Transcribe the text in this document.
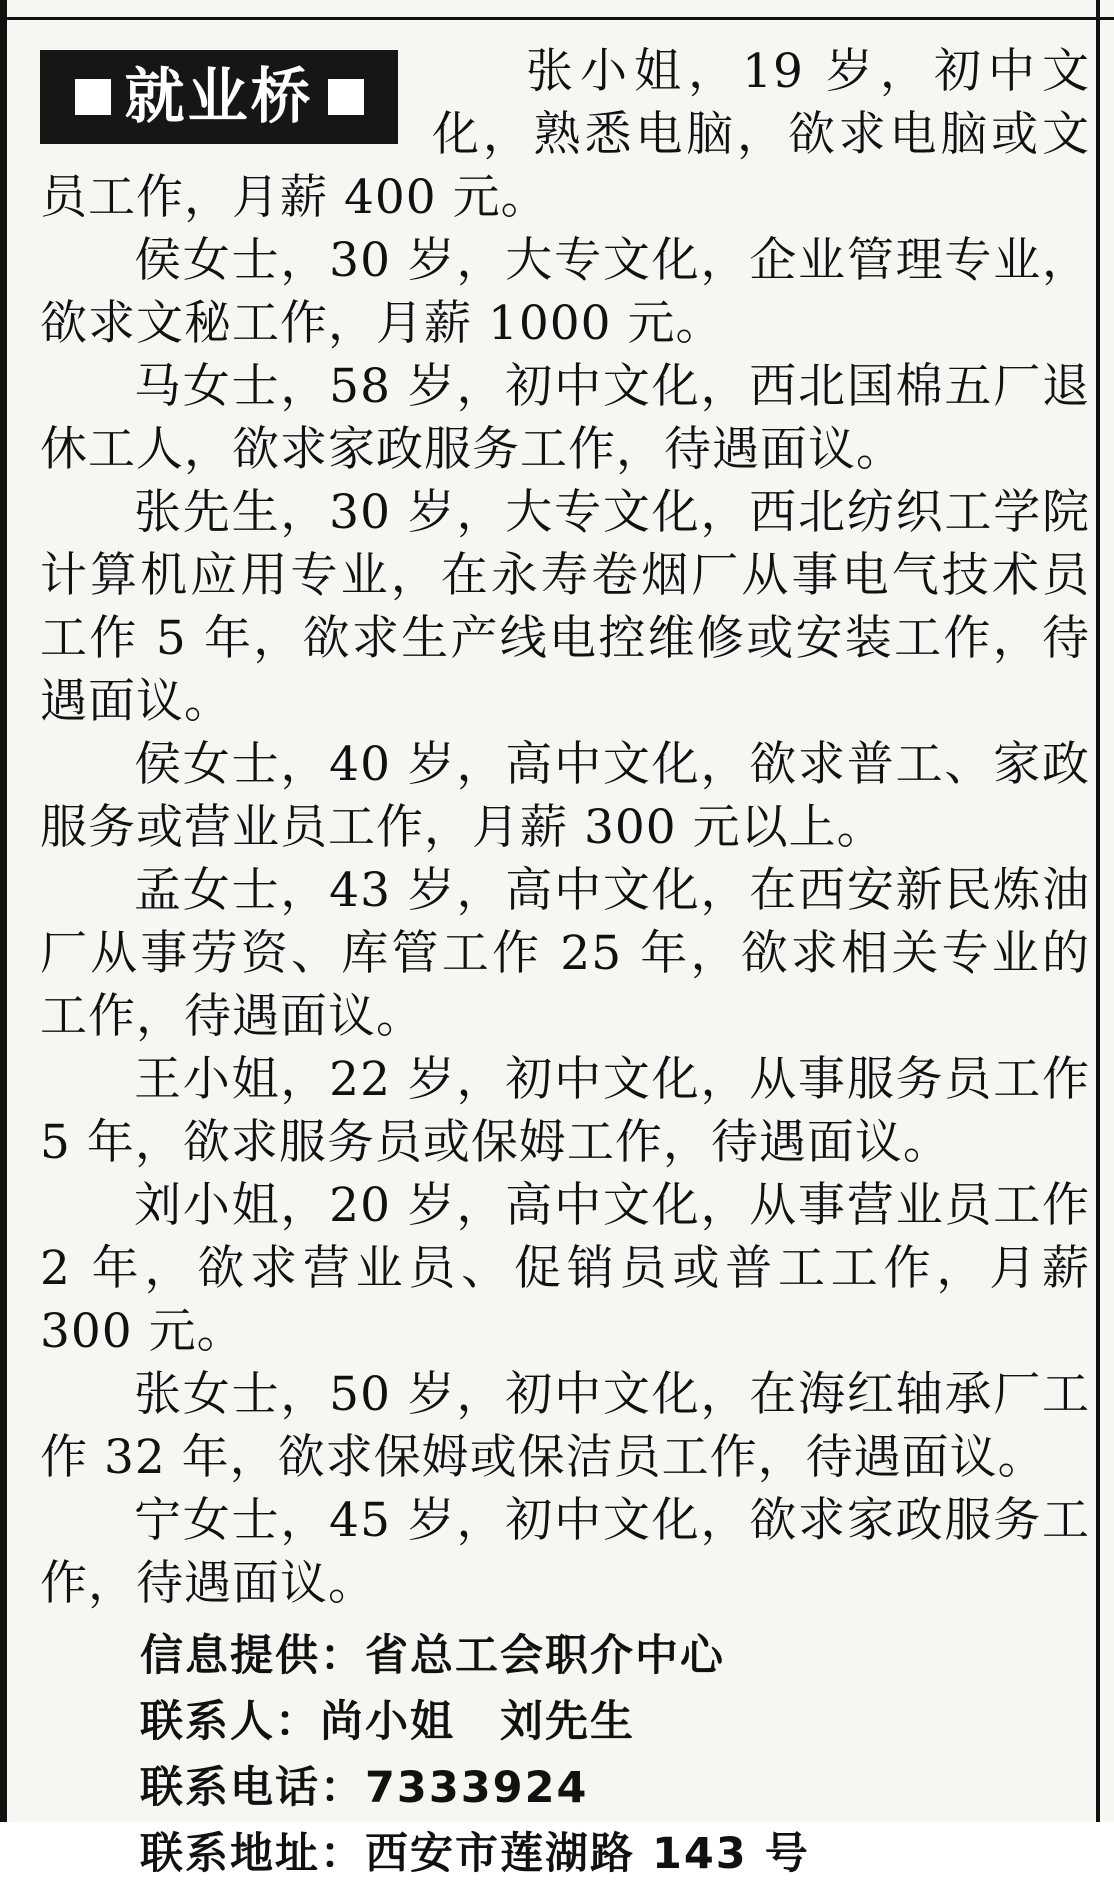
就业桥	张小姐，19 岁，初中文化，熟悉电脑，欲求电脑或文员工作，月薪 400 元。

侯女士，30 岁，大专文化，企业管理专业，欲求文秘工作，月薪 1000 元。

马女士，58 岁，初中文化，西北国棉五厂退休工人，欲求家政服务工作，待遇面议。

张先生，30 岁，大专文化，西北纺织工学院计算机应用专业，在永寿卷烟厂从事电气技术员工作 5 年，欲求生产线电控维修或安装工作，待遇面议。

侯女士，40 岁，高中文化，欲求普工、家政服务或营业员工作，月薪 300 元以上。

孟女士，43 岁，高中文化，在西安新民炼油厂从事劳资、库管工作 25 年，欲求相关专业的工作，待遇面议。

王小姐，22 岁，初中文化，从事服务员工作 5 年，欲求服务员或保姆工作，待遇面议。

刘小姐，20 岁，高中文化，从事营业员工作 2 年，欲求营业员、促销员或普工工作，月薪 300 元。

张女士，50 岁，初中文化，在海红轴承厂工作 32 年，欲求保姆或保洁员工作，待遇面议。

宁女士，45 岁，初中文化，欲求家政服务工作，待遇面议。

信息提供：省总工会职介中心
联系人：尚小姐　刘先生
联系电话：7333924
联系地址：西安市莲湖路 143 号
